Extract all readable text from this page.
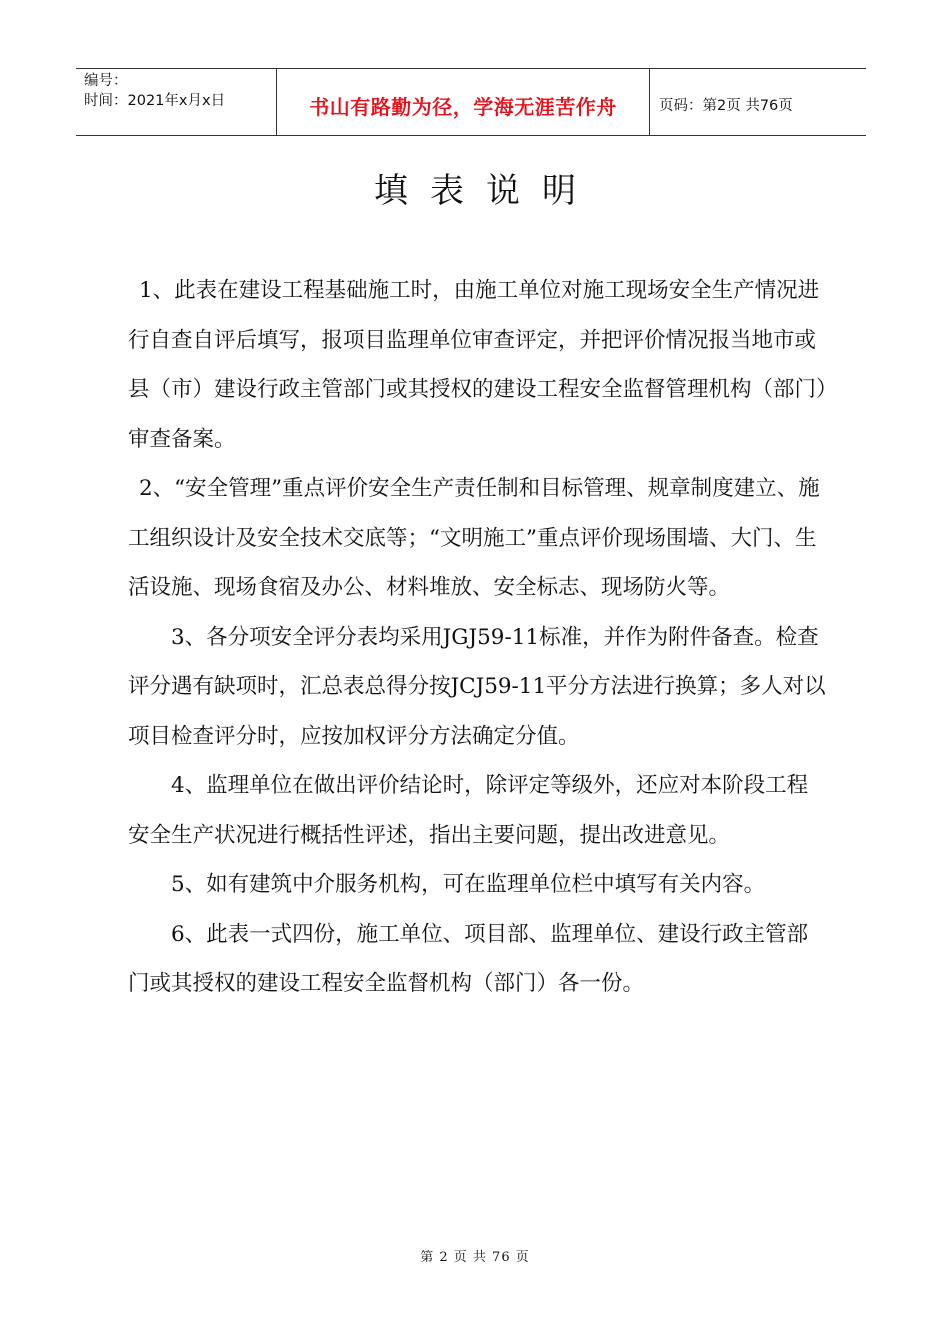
编号：
时间：2021年x月x日	书山有路勤为径，学海无涯苦作舟	页码：第2页 共76页
填表说明

1、此表在建设工程基础施工时，由施工单位对施工现场安全生产情况进行自查自评后填写，报项目监理单位审查评定，并把评价情况报当地市或县（市）建设行政主管部门或其授权的建设工程安全监督管理机构（部门）审查备案。

2、“安全管理”重点评价安全生产责任制和目标管理、规章制度建立、施工组织设计及安全技术交底等；“文明施工”重点评价现场围墙、大门、生活设施、现场食宿及办公、材料堆放、安全标志、现场防火等。

3、各分项安全评分表均采用JGJ59-11标准，并作为附件备查。检查评分遇有缺项时，汇总表总得分按JCJ59-11平分方法进行换算；多人对以项目检查评分时，应按加权评分方法确定分值。

4、监理单位在做出评价结论时，除评定等级外，还应对本阶段工程安全生产状况进行概括性评述，指出主要问题，提出改进意见。

5、如有建筑中介服务机构，可在监理单位栏中填写有关内容。

6、此表一式四份，施工单位、项目部、监理单位、建设行政主管部门或其授权的建设工程安全监督机构（部门）各一份。

第 2 页 共 76 页
